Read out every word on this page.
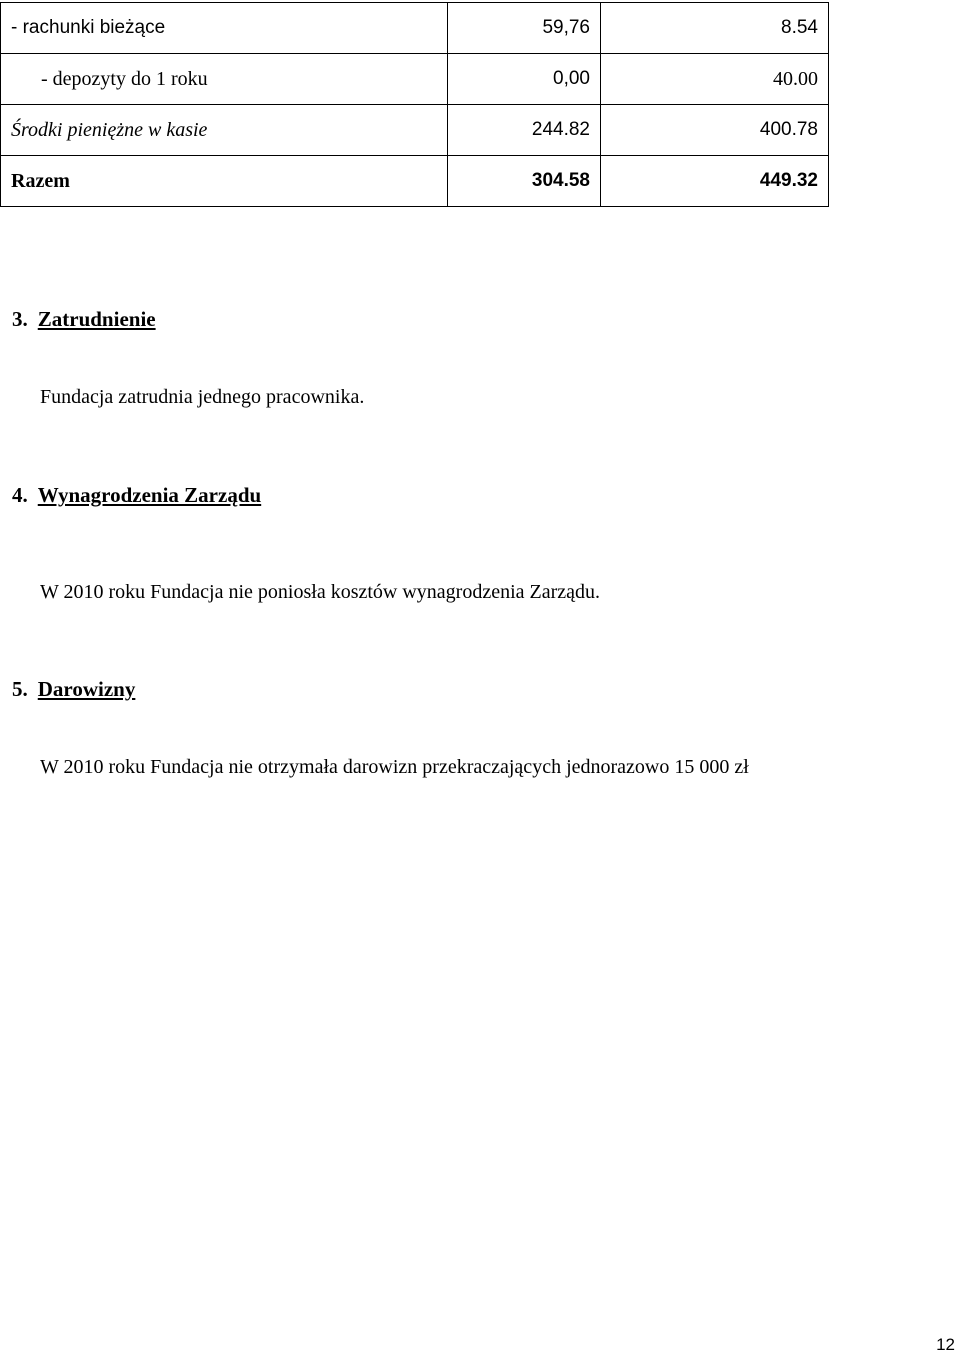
- rachunki bieżące	59,76	8.54
- depozyty do 1 roku	0,00	40.00
Środki pieniężne w kasie	244.82	400.78
Razem	304.58	449.32
3. Zatrudnienie
Fundacja zatrudnia jednego pracownika.
4. Wynagrodzenia Zarządu
W 2010 roku Fundacja nie poniosła kosztów wynagrodzenia Zarządu.
5. Darowizny
W 2010 roku Fundacja nie otrzymała darowizn przekraczających jednorazowo 15 000 zł
12
